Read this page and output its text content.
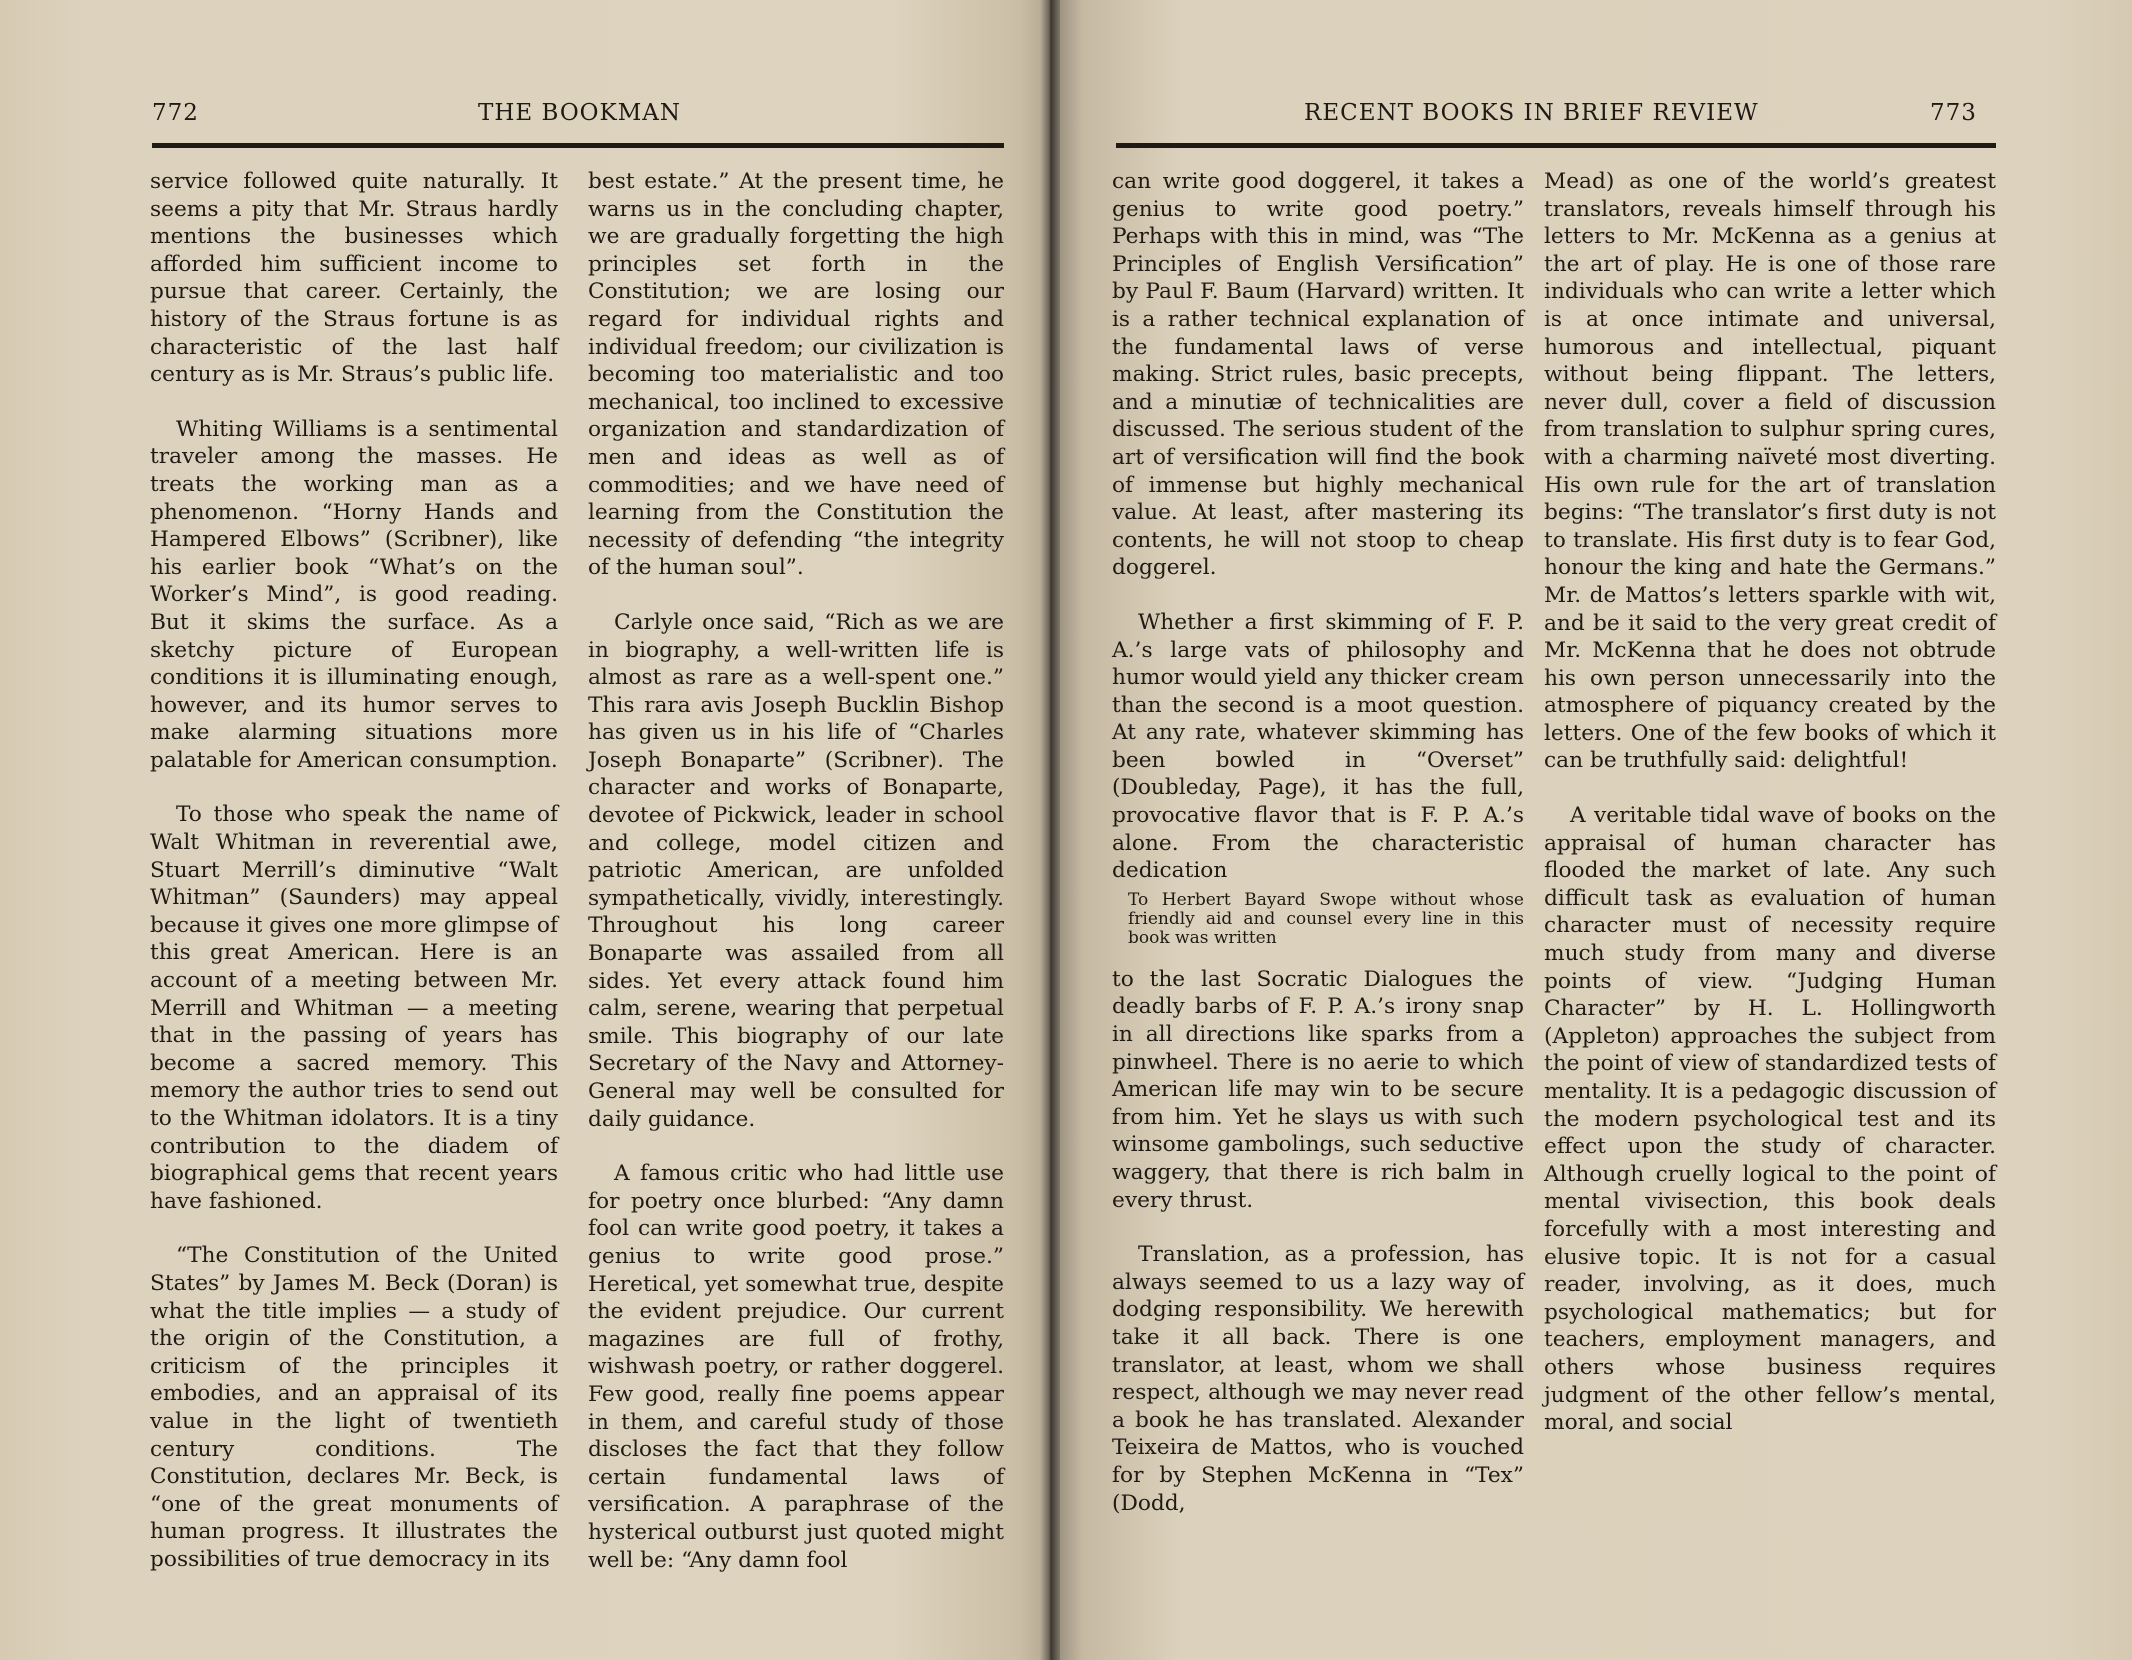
772	THE BOOKMAN

service followed quite naturally. It seems a pity that Mr. Straus hardly mentions the businesses which afforded him sufficient income to pursue that career. Certainly, the history of the Straus fortune is as characteristic of the last half century as is Mr. Straus’s public life.

Whiting Williams is a sentimental traveler among the masses. He treats the working man as a phenomenon. “Horny Hands and Hampered Elbows” (Scribner), like his earlier book “What’s on the Worker’s Mind”, is good reading. But it skims the surface. As a sketchy picture of European conditions it is illuminating enough, however, and its humor serves to make alarming situations more palatable for American consumption.

To those who speak the name of Walt Whitman in reverential awe, Stuart Merrill’s diminutive “Walt Whitman” (Saunders) may appeal because it gives one more glimpse of this great American. Here is an account of a meeting between Mr. Merrill and Whitman — a meeting that in the passing of years has become a sacred memory. This memory the author tries to send out to the Whitman idolators. It is a tiny contribution to the diadem of biographical gems that recent years have fashioned.

“The Constitution of the United States” by James M. Beck (Doran) is what the title implies — a study of the origin of the Constitution, a criticism of the principles it embodies, and an appraisal of its value in the light of twentieth century conditions. The Constitution, declares Mr. Beck, is “one of the great monuments of human progress. It illustrates the possibilities of true democracy in its

best estate.” At the present time, he warns us in the concluding chapter, we are gradually forgetting the high principles set forth in the Constitution; we are losing our regard for individual rights and individual freedom; our civilization is becoming too materialistic and too mechanical, too inclined to excessive organization and standardization of men and ideas as well as of commodities; and we have need of learning from the Constitution the necessity of defending “the integrity of the human soul”.

Carlyle once said, “Rich as we are in biography, a well-written life is almost as rare as a well-spent one.” This rara avis Joseph Bucklin Bishop has given us in his life of “Charles Joseph Bonaparte” (Scribner). The character and works of Bonaparte, devotee of Pickwick, leader in school and college, model citizen and patriotic American, are unfolded sympathetically, vividly, interestingly. Throughout his long career Bonaparte was assailed from all sides. Yet every attack found him calm, serene, wearing that perpetual smile. This biography of our late Secretary of the Navy and Attorney-General may well be consulted for daily guidance.

A famous critic who had little use for poetry once blurbed: “Any damn fool can write good poetry, it takes a genius to write good prose.” Heretical, yet somewhat true, despite the evident prejudice. Our current magazines are full of frothy, wishwash poetry, or rather doggerel. Few good, really fine poems appear in them, and careful study of those discloses the fact that they follow certain fundamental laws of versification. A paraphrase of the hysterical outburst just quoted might well be: “Any damn fool

RECENT BOOKS IN BRIEF REVIEW	773

can write good doggerel, it takes a genius to write good poetry.” Perhaps with this in mind, was “The Principles of English Versification” by Paul F. Baum (Harvard) written. It is a rather technical explanation of the fundamental laws of verse making. Strict rules, basic precepts, and a minutiæ of technicalities are discussed. The serious student of the art of versification will find the book of immense but highly mechanical value. At least, after mastering its contents, he will not stoop to cheap doggerel.

Whether a first skimming of F. P. A.’s large vats of philosophy and humor would yield any thicker cream than the second is a moot question. At any rate, whatever skimming has been bowled in “Overset” (Doubleday, Page), it has the full, provocative flavor that is F. P. A.’s alone. From the characteristic dedication

To Herbert Bayard Swope without whose friendly aid and counsel every line in this book was written

to the last Socratic Dialogues the deadly barbs of F. P. A.’s irony snap in all directions like sparks from a pinwheel. There is no aerie to which American life may win to be secure from him. Yet he slays us with such winsome gambolings, such seductive waggery, that there is rich balm in every thrust.

Translation, as a profession, has always seemed to us a lazy way of dodging responsibility. We herewith take it all back. There is one translator, at least, whom we shall respect, although we may never read a book he has translated. Alexander Teixeira de Mattos, who is vouched for by Stephen McKenna in “Tex” (Dodd,

Mead) as one of the world’s greatest translators, reveals himself through his letters to Mr. McKenna as a genius at the art of play. He is one of those rare individuals who can write a letter which is at once intimate and universal, humorous and intellectual, piquant without being flippant. The letters, never dull, cover a field of discussion from translation to sulphur spring cures, with a charming naïveté most diverting. His own rule for the art of translation begins: “The translator’s first duty is not to translate. His first duty is to fear God, honour the king and hate the Germans.” Mr. de Mattos’s letters sparkle with wit, and be it said to the very great credit of Mr. McKenna that he does not obtrude his own person unnecessarily into the atmosphere of piquancy created by the letters. One of the few books of which it can be truthfully said: delightful!

A veritable tidal wave of books on the appraisal of human character has flooded the market of late. Any such difficult task as evaluation of human character must of necessity require much study from many and diverse points of view. “Judging Human Character” by H. L. Hollingworth (Appleton) approaches the subject from the point of view of standardized tests of mentality. It is a pedagogic discussion of the modern psychological test and its effect upon the study of character. Although cruelly logical to the point of mental vivisection, this book deals forcefully with a most interesting and elusive topic. It is not for a casual reader, involving, as it does, much psychological mathematics; but for teachers, employment managers, and others whose business requires judgment of the other fellow’s mental, moral, and social
